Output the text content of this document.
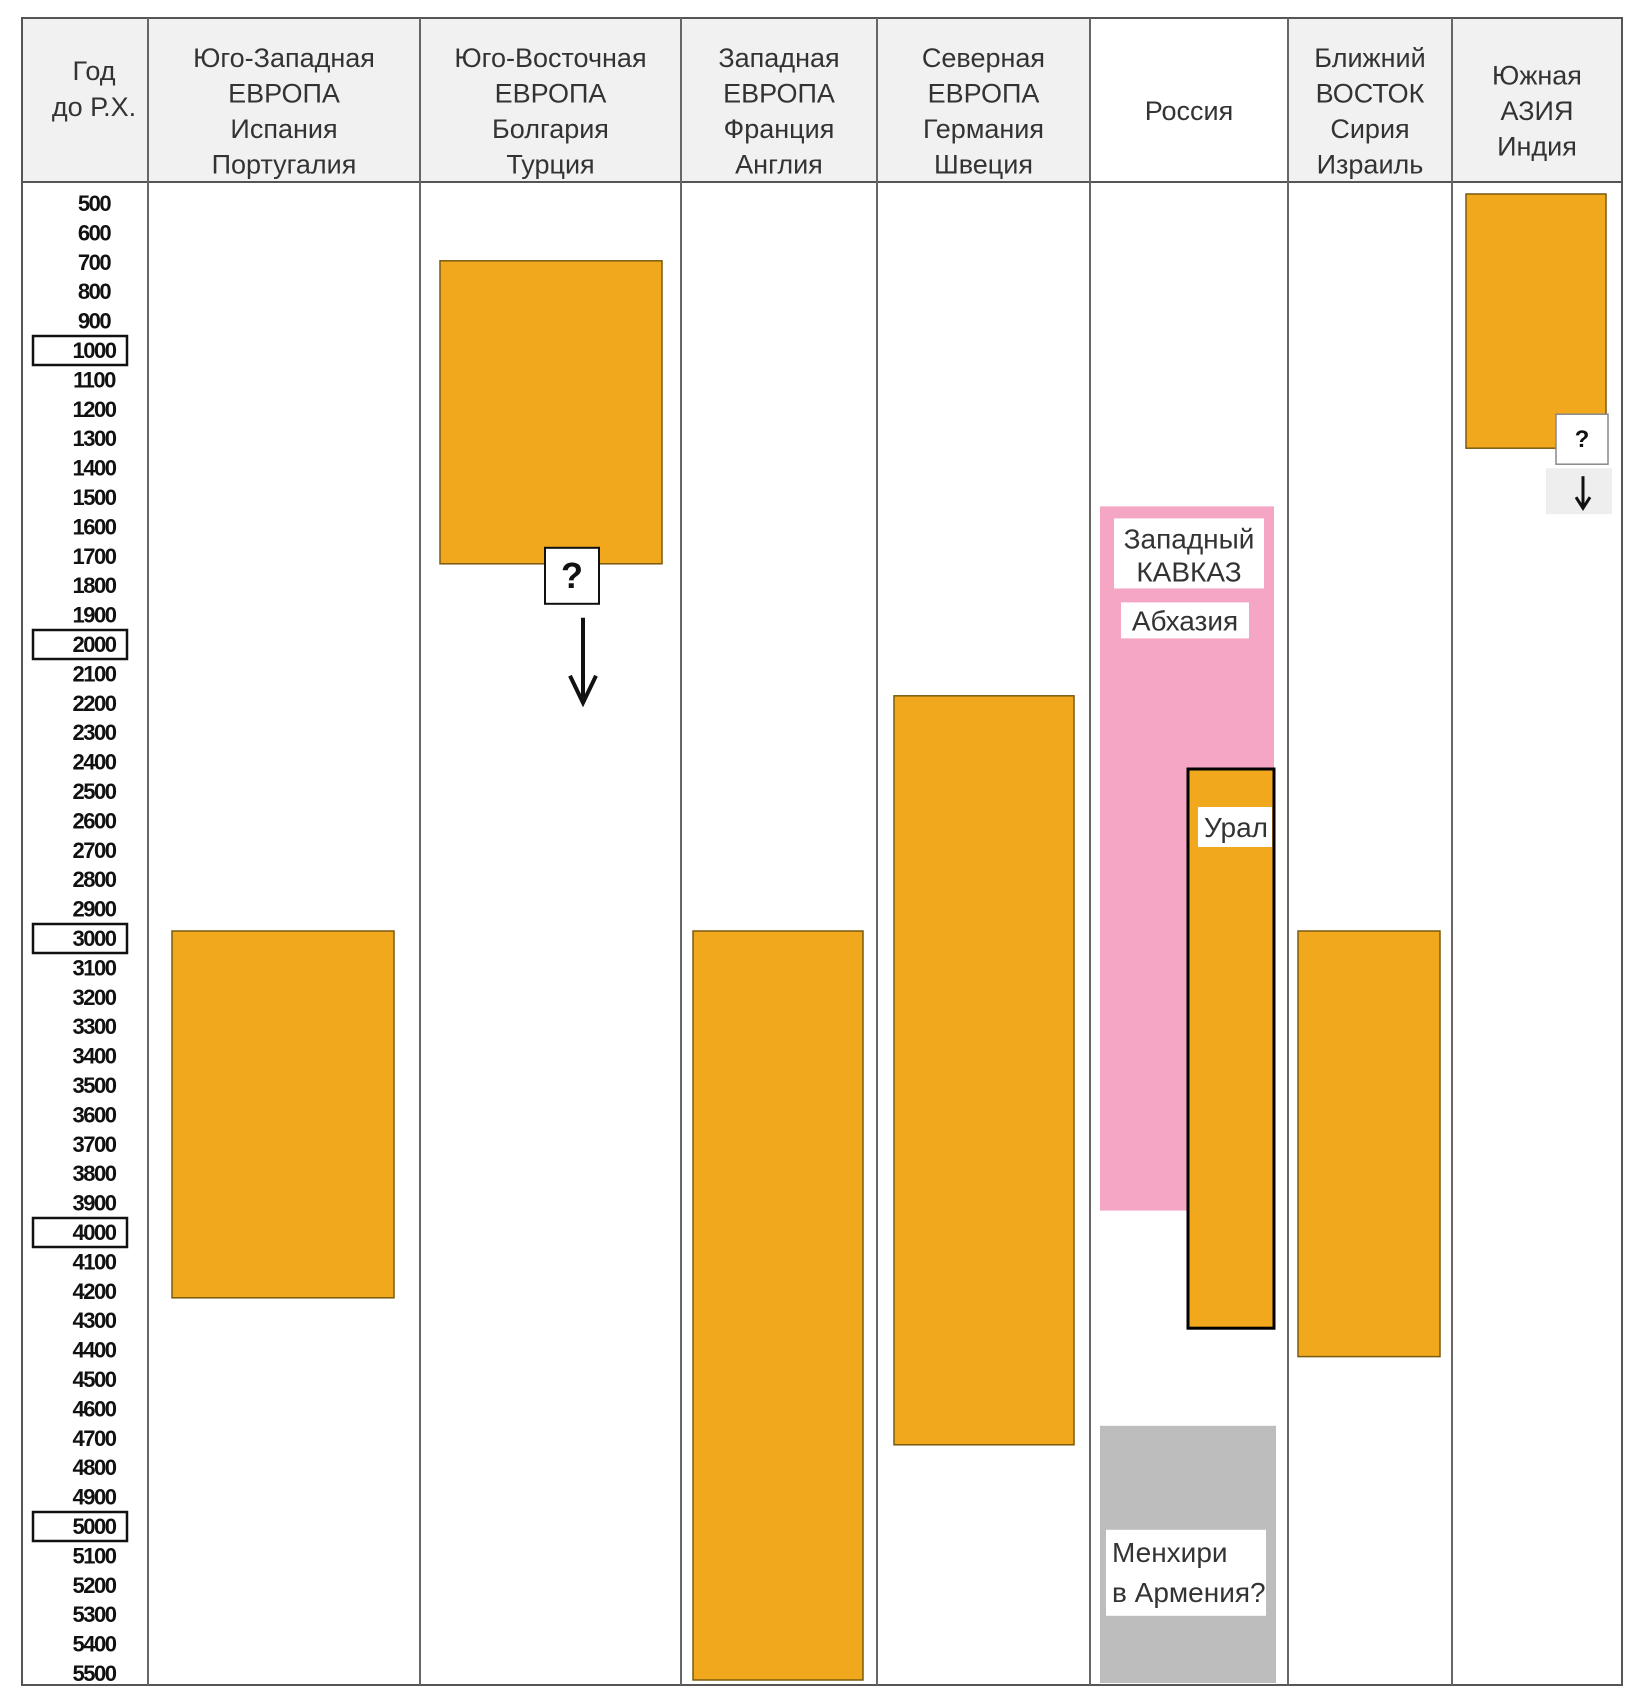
Год
до Р.Х.
Юго-Западная
ЕВРОПА
Испания
Португалия
Юго-Восточная
ЕВРОПА
Болгария
Турция
Западная
ЕВРОПА
Франция
Англия
Северная
ЕВРОПА
Германия
Швеция
Россия
Ближний
ВОСТОК
Сирия
Израиль
Южная
АЗИЯ
Индия
500
600
700
800
900
1000
1100
1200
1300
1400
1500
1600
1700
1800
1900
2000
2100
2200
2300
2400
2500
2600
2700
2800
2900
3000
3100
3200
3300
3400
3500
3600
3700
3800
3900
4000
4100
4200
4300
4400
4500
4600
4700
4800
4900
5000
5100
5200
5300
5400
5500
Западный
КАВКАЗ
Абхазия
Урал
Менхири
в Армения?
?
?
